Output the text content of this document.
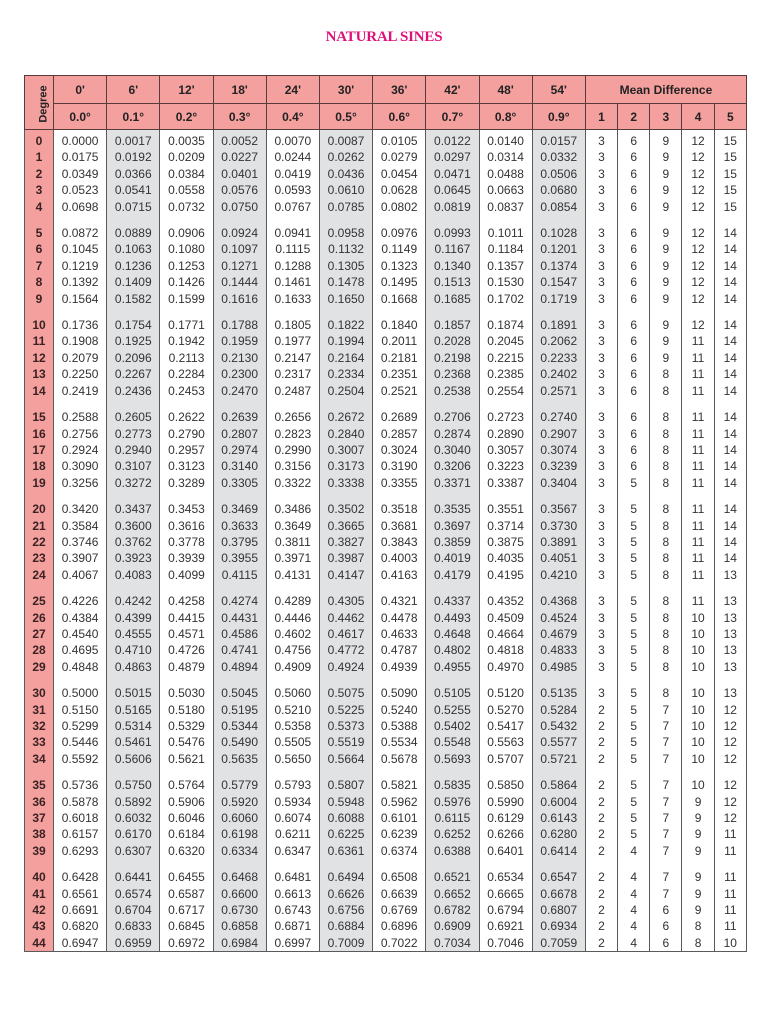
NATURAL SINES
Degree	0'	6'	12'	18'	24'	30'	36'	42'	48'	54'	Mean Difference				
	0.0°	0.1°	0.2°	0.3°	0.4°	0.5°	0.6°	0.7°	0.8°	0.9°	1	2	3	4	5
0	0.0000	0.0017	0.0035	0.0052	0.0070	0.0087	0.0105	0.0122	0.0140	0.0157	3	6	9	12	15
1	0.0175	0.0192	0.0209	0.0227	0.0244	0.0262	0.0279	0.0297	0.0314	0.0332	3	6	9	12	15
2	0.0349	0.0366	0.0384	0.0401	0.0419	0.0436	0.0454	0.0471	0.0488	0.0506	3	6	9	12	15
3	0.0523	0.0541	0.0558	0.0576	0.0593	0.0610	0.0628	0.0645	0.0663	0.0680	3	6	9	12	15
4	0.0698	0.0715	0.0732	0.0750	0.0767	0.0785	0.0802	0.0819	0.0837	0.0854	3	6	9	12	15

5	0.0872	0.0889	0.0906	0.0924	0.0941	0.0958	0.0976	0.0993	0.1011	0.1028	3	6	9	12	14
6	0.1045	0.1063	0.1080	0.1097	0.1115	0.1132	0.1149	0.1167	0.1184	0.1201	3	6	9	12	14
7	0.1219	0.1236	0.1253	0.1271	0.1288	0.1305	0.1323	0.1340	0.1357	0.1374	3	6	9	12	14
8	0.1392	0.1409	0.1426	0.1444	0.1461	0.1478	0.1495	0.1513	0.1530	0.1547	3	6	9	12	14
9	0.1564	0.1582	0.1599	0.1616	0.1633	0.1650	0.1668	0.1685	0.1702	0.1719	3	6	9	12	14

10	0.1736	0.1754	0.1771	0.1788	0.1805	0.1822	0.1840	0.1857	0.1874	0.1891	3	6	9	12	14
11	0.1908	0.1925	0.1942	0.1959	0.1977	0.1994	0.2011	0.2028	0.2045	0.2062	3	6	9	11	14
12	0.2079	0.2096	0.2113	0.2130	0.2147	0.2164	0.2181	0.2198	0.2215	0.2233	3	6	9	11	14
13	0.2250	0.2267	0.2284	0.2300	0.2317	0.2334	0.2351	0.2368	0.2385	0.2402	3	6	8	11	14
14	0.2419	0.2436	0.2453	0.2470	0.2487	0.2504	0.2521	0.2538	0.2554	0.2571	3	6	8	11	14

15	0.2588	0.2605	0.2622	0.2639	0.2656	0.2672	0.2689	0.2706	0.2723	0.2740	3	6	8	11	14
16	0.2756	0.2773	0.2790	0.2807	0.2823	0.2840	0.2857	0.2874	0.2890	0.2907	3	6	8	11	14
17	0.2924	0.2940	0.2957	0.2974	0.2990	0.3007	0.3024	0.3040	0.3057	0.3074	3	6	8	11	14
18	0.3090	0.3107	0.3123	0.3140	0.3156	0.3173	0.3190	0.3206	0.3223	0.3239	3	6	8	11	14
19	0.3256	0.3272	0.3289	0.3305	0.3322	0.3338	0.3355	0.3371	0.3387	0.3404	3	5	8	11	14

20	0.3420	0.3437	0.3453	0.3469	0.3486	0.3502	0.3518	0.3535	0.3551	0.3567	3	5	8	11	14
21	0.3584	0.3600	0.3616	0.3633	0.3649	0.3665	0.3681	0.3697	0.3714	0.3730	3	5	8	11	14
22	0.3746	0.3762	0.3778	0.3795	0.3811	0.3827	0.3843	0.3859	0.3875	0.3891	3	5	8	11	14
23	0.3907	0.3923	0.3939	0.3955	0.3971	0.3987	0.4003	0.4019	0.4035	0.4051	3	5	8	11	14
24	0.4067	0.4083	0.4099	0.4115	0.4131	0.4147	0.4163	0.4179	0.4195	0.4210	3	5	8	11	13

25	0.4226	0.4242	0.4258	0.4274	0.4289	0.4305	0.4321	0.4337	0.4352	0.4368	3	5	8	11	13
26	0.4384	0.4399	0.4415	0.4431	0.4446	0.4462	0.4478	0.4493	0.4509	0.4524	3	5	8	10	13
27	0.4540	0.4555	0.4571	0.4586	0.4602	0.4617	0.4633	0.4648	0.4664	0.4679	3	5	8	10	13
28	0.4695	0.4710	0.4726	0.4741	0.4756	0.4772	0.4787	0.4802	0.4818	0.4833	3	5	8	10	13
29	0.4848	0.4863	0.4879	0.4894	0.4909	0.4924	0.4939	0.4955	0.4970	0.4985	3	5	8	10	13

30	0.5000	0.5015	0.5030	0.5045	0.5060	0.5075	0.5090	0.5105	0.5120	0.5135	3	5	8	10	13
31	0.5150	0.5165	0.5180	0.5195	0.5210	0.5225	0.5240	0.5255	0.5270	0.5284	2	5	7	10	12
32	0.5299	0.5314	0.5329	0.5344	0.5358	0.5373	0.5388	0.5402	0.5417	0.5432	2	5	7	10	12
33	0.5446	0.5461	0.5476	0.5490	0.5505	0.5519	0.5534	0.5548	0.5563	0.5577	2	5	7	10	12
34	0.5592	0.5606	0.5621	0.5635	0.5650	0.5664	0.5678	0.5693	0.5707	0.5721	2	5	7	10	12

35	0.5736	0.5750	0.5764	0.5779	0.5793	0.5807	0.5821	0.5835	0.5850	0.5864	2	5	7	10	12
36	0.5878	0.5892	0.5906	0.5920	0.5934	0.5948	0.5962	0.5976	0.5990	0.6004	2	5	7	9	12
37	0.6018	0.6032	0.6046	0.6060	0.6074	0.6088	0.6101	0.6115	0.6129	0.6143	2	5	7	9	12
38	0.6157	0.6170	0.6184	0.6198	0.6211	0.6225	0.6239	0.6252	0.6266	0.6280	2	5	7	9	11
39	0.6293	0.6307	0.6320	0.6334	0.6347	0.6361	0.6374	0.6388	0.6401	0.6414	2	4	7	9	11

40	0.6428	0.6441	0.6455	0.6468	0.6481	0.6494	0.6508	0.6521	0.6534	0.6547	2	4	7	9	11
41	0.6561	0.6574	0.6587	0.6600	0.6613	0.6626	0.6639	0.6652	0.6665	0.6678	2	4	7	9	11
42	0.6691	0.6704	0.6717	0.6730	0.6743	0.6756	0.6769	0.6782	0.6794	0.6807	2	4	6	9	11
43	0.6820	0.6833	0.6845	0.6858	0.6871	0.6884	0.6896	0.6909	0.6921	0.6934	2	4	6	8	11
44	0.6947	0.6959	0.6972	0.6984	0.6997	0.7009	0.7022	0.7034	0.7046	0.7059	2	4	6	8	10
